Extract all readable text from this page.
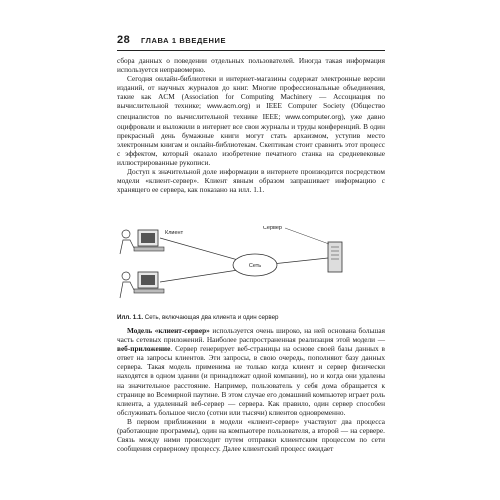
28 ГЛАВА 1 ВВЕДЕНИЕ

сбора данных о поведении отдельных пользователей. Иногда такая информация используется неправомерно.

Сегодня онлайн-библиотеки и интернет-магазины содержат электронные версии изданий, от научных журналов до книг. Многие профессиональные объединения, такие как ACM (Association for Computing Machinery — Ассоциация по вычислительной технике; www.acm.org) и IEEE Computer Society (Общество специалистов по вычислительной технике IEEE; www.computer.org), уже давно оцифровали и выложили в интернет все свои журналы и труды конференций. В один прекрасный день бумажные книги могут стать архаизмом, уступив место электронным книгам и онлайн-библиотекам. Скептикам стоит сравнить этот процесс с эффектом, который оказало изобретение печатного станка на средневековые иллюстрированные рукописи.

Доступ к значительной доле информации в интернете производится посредством модели «клиент-сервер». Клиент явным образом запрашивает информацию с хранящего ее сервера, как показано на илл. 1.1.

Клиент
Сервер
Сеть
Илл. 1.1. Сеть, включающая два клиента и один сервер

Модель «клиент-сервер» используется очень широко, на ней основана большая часть сетевых приложений. Наиболее распространенная реализация этой модели — веб-приложение. Сервер генерирует веб-страницы на основе своей базы данных в ответ на запросы клиентов. Эти запросы, в свою очередь, пополняют базу данных сервера. Такая модель применима не только когда клиент и сервер физически находятся в одном здании (и принадлежат одной компании), но и когда они удалены на значительное расстояние. Например, пользователь у себя дома обращается к странице во Всемирной паутине. В этом случае его домашний компьютер играет роль клиента, а удаленный веб-сервер — сервера. Как правило, один сервер способен обслуживать большое число (сотни или тысячи) клиентов одновременно.

В первом приближении в модели «клиент-сервер» участвуют два процесса (работающие программы), один на компьютере пользователя, а второй — на сервере. Связь между ними происходит путем отправки клиентским процессом по сети сообщения серверному процессу. Далее клиентский процесс ожидает
